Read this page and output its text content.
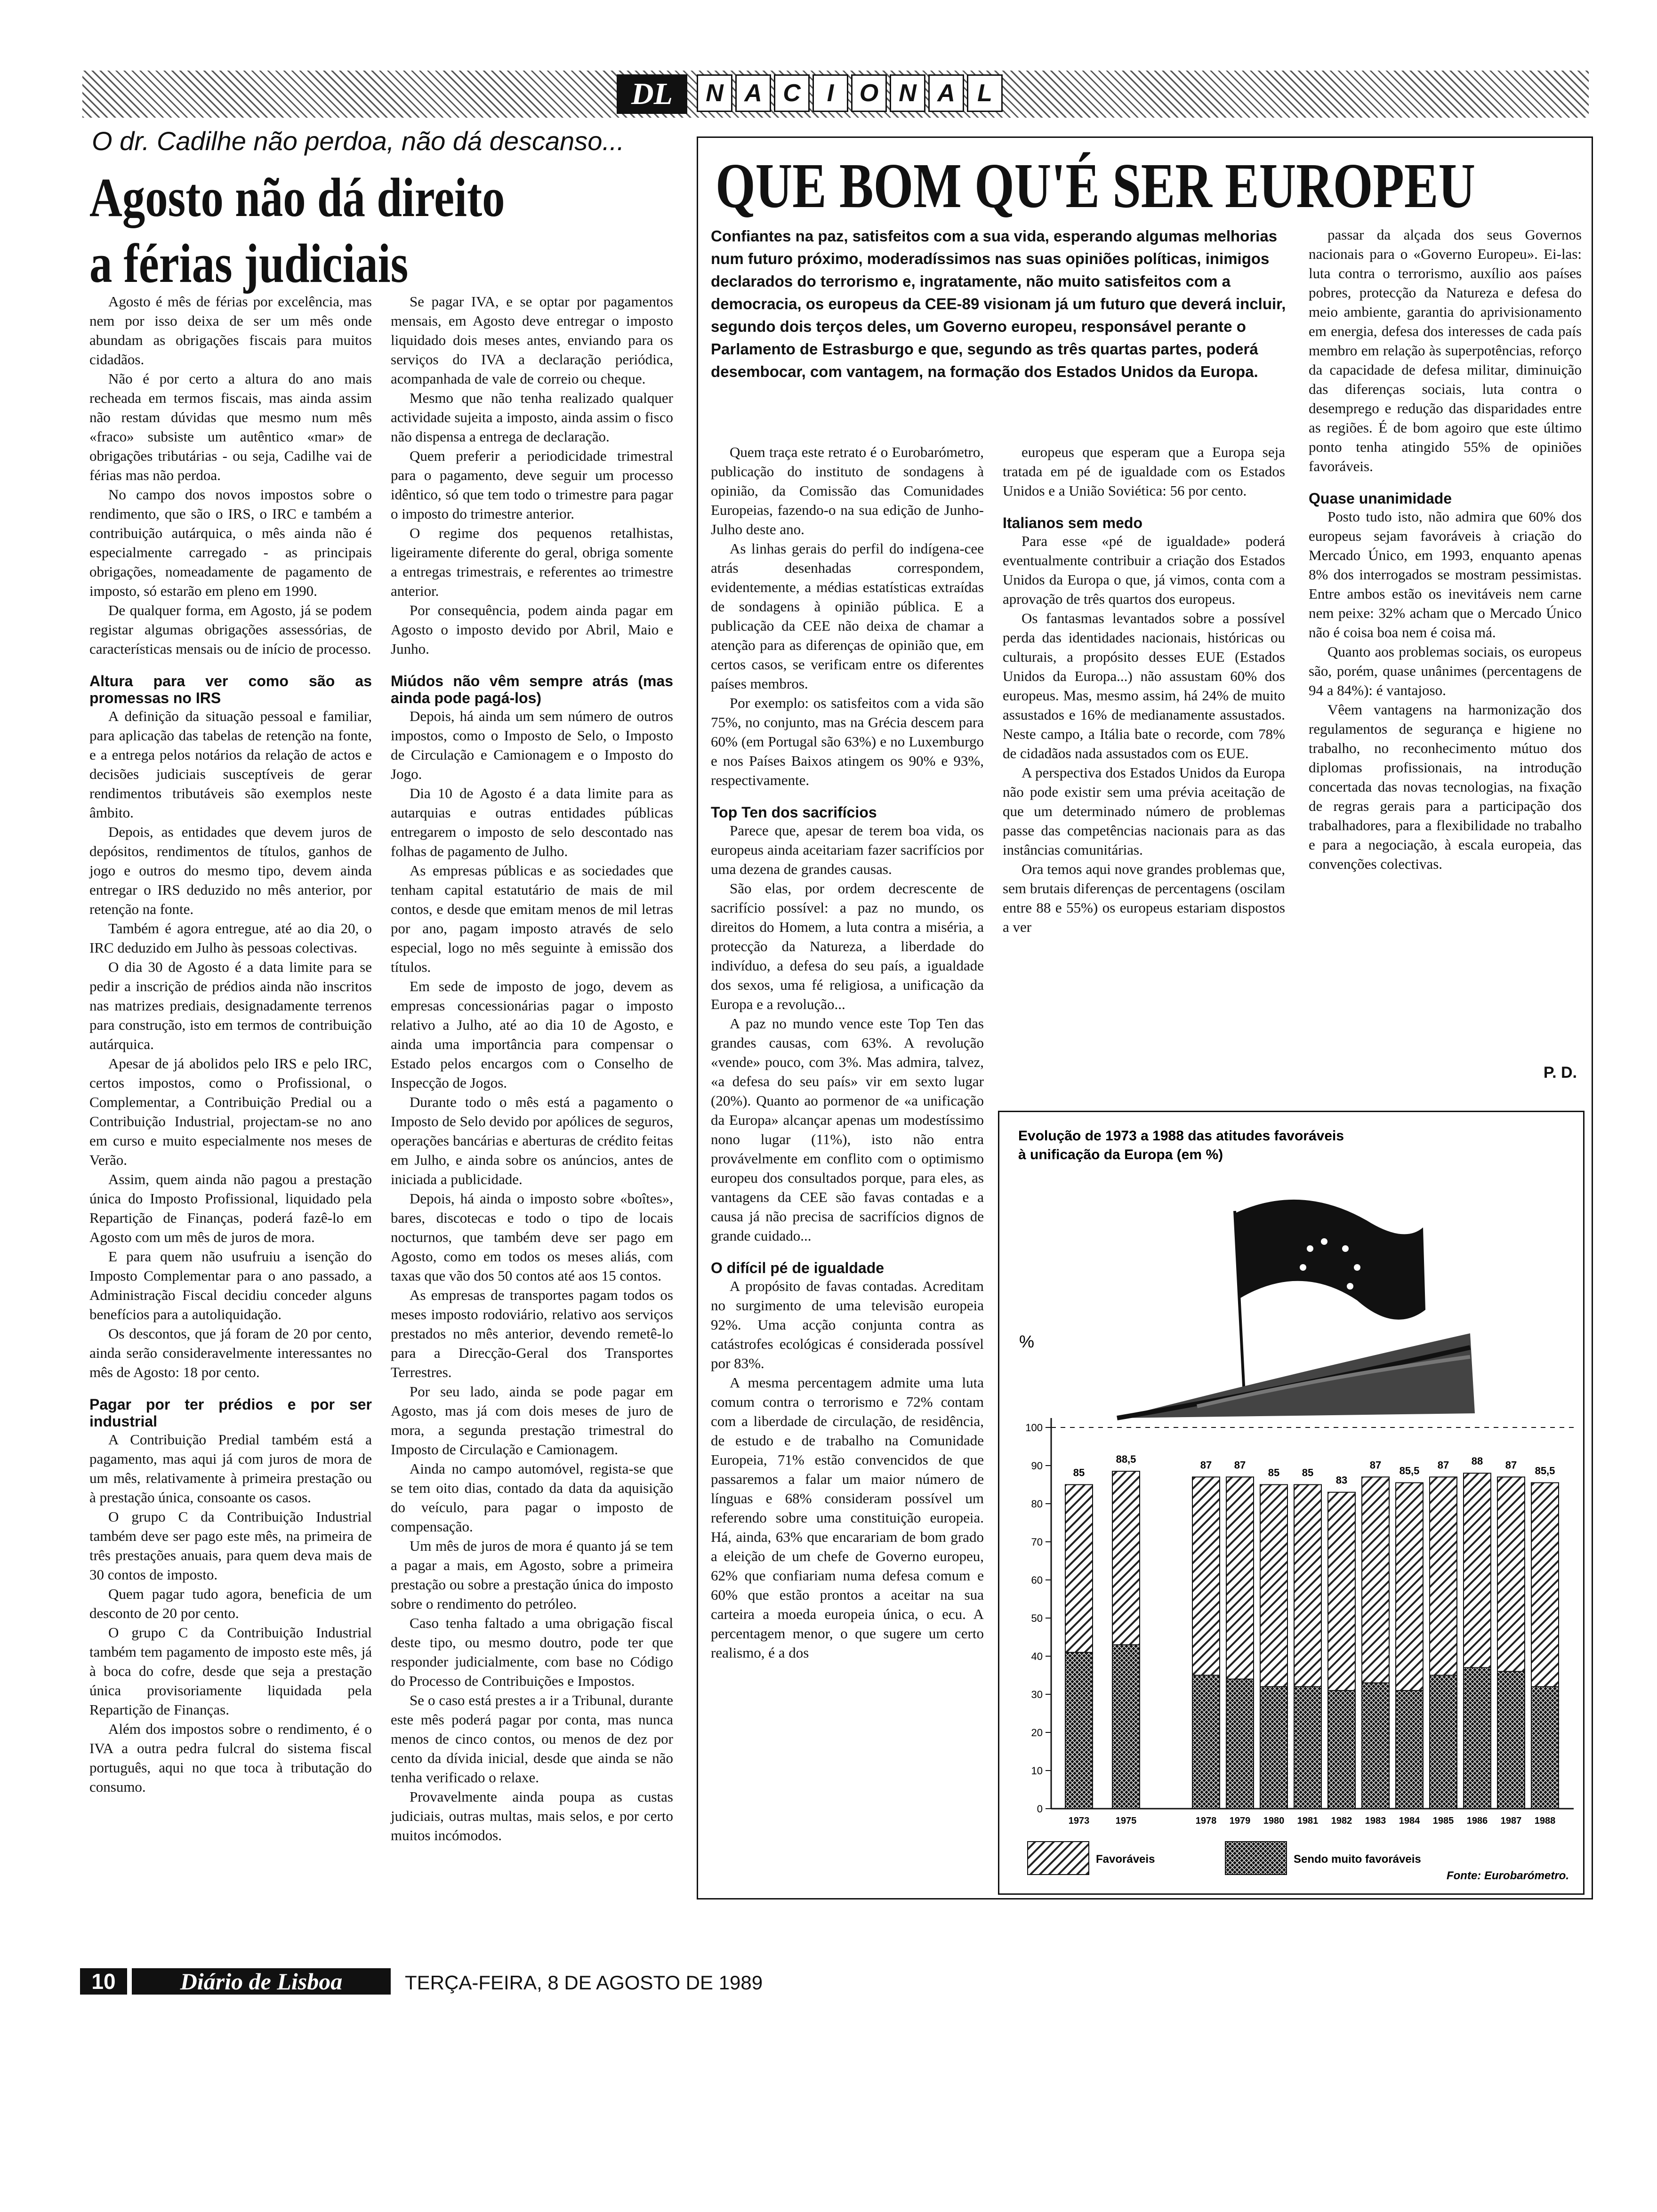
DL	N A C I O N A L
O dr. Cadilhe não perdoa, não dá descanso...
Agosto não dá direito
a férias judiciais

Agosto é mês de férias por excelência, mas nem por isso deixa de ser um mês onde abundam as obrigações fiscais para muitos cidadãos.

Não é por certo a altura do ano mais recheada em termos fiscais, mas ainda assim não restam dúvidas que mesmo num mês «fraco» subsiste um autêntico «mar» de obrigações tributárias - ou seja, Cadilhe vai de férias mas não perdoa.

No campo dos novos impostos sobre o rendimento, que são o IRS, o IRC e também a contribuição autárquica, o mês ainda não é especialmente carregado - as principais obrigações, nomeadamente de pagamento de imposto, só estarão em pleno em 1990.

De qualquer forma, em Agosto, já se podem registar algumas obrigações assessórias, de características mensais ou de início de processo.

Altura para ver como são as promessas no IRS

A definição da situação pessoal e familiar, para aplicação das tabelas de retenção na fonte, e a entrega pelos notários da relação de actos e decisões judiciais susceptíveis de gerar rendimentos tributáveis são exemplos neste âmbito.

Depois, as entidades que devem juros de depósitos, rendimentos de títulos, ganhos de jogo e outros do mesmo tipo, devem ainda entregar o IRS deduzido no mês anterior, por retenção na fonte.

Também é agora entregue, até ao dia 20, o IRC deduzido em Julho às pessoas colectivas.

O dia 30 de Agosto é a data limite para se pedir a inscrição de prédios ainda não inscritos nas matrizes prediais, designadamente terrenos para construção, isto em termos de contribuição autárquica.

Apesar de já abolidos pelo IRS e pelo IRC, certos impostos, como o Profissional, o Complementar, a Contribuição Predial ou a Contribuição Industrial, projectam-se no ano em curso e muito especialmente nos meses de Verão.

Assim, quem ainda não pagou a prestação única do Imposto Profissional, liquidado pela Repartição de Finanças, poderá fazê-lo em Agosto com um mês de juros de mora.

E para quem não usufruiu a isenção do Imposto Complementar para o ano passado, a Administração Fiscal decidiu conceder alguns benefícios para a autoliquidação.

Os descontos, que já foram de 20 por cento, ainda serão consideravelmente interessantes no mês de Agosto: 18 por cento.

Pagar por ter prédios e por ser industrial

A Contribuição Predial também está a pagamento, mas aqui já com juros de mora de um mês, relativamente à primeira prestação ou à prestação única, consoante os casos.

O grupo C da Contribuição Industrial também deve ser pago este mês, na primeira de três prestações anuais, para quem deva mais de 30 contos de imposto.

Quem pagar tudo agora, beneficia de um desconto de 20 por cento.

O grupo C da Contribuição Industrial também tem pagamento de imposto este mês, já à boca do cofre, desde que seja a prestação única provisoriamente liquidada pela Repartição de Finanças.

Além dos impostos sobre o rendimento, é o IVA a outra pedra fulcral do sistema fiscal português, aqui no que toca à tributação do consumo.

Se pagar IVA, e se optar por pagamentos mensais, em Agosto deve entregar o imposto liquidado dois meses antes, enviando para os serviços do IVA a declaração periódica, acompanhada de vale de correio ou cheque.

Mesmo que não tenha realizado qualquer actividade sujeita a imposto, ainda assim o fisco não dispensa a entrega de declaração.

Quem preferir a periodicidade trimestral para o pagamento, deve seguir um processo idêntico, só que tem todo o trimestre para pagar o imposto do trimestre anterior.

O regime dos pequenos retalhistas, ligeiramente diferente do geral, obriga somente a entregas trimestrais, e referentes ao trimestre anterior.

Por consequência, podem ainda pagar em Agosto o imposto devido por Abril, Maio e Junho.

Miúdos não vêm sempre atrás (mas ainda pode pagá-los)

Depois, há ainda um sem número de outros impostos, como o Imposto de Selo, o Imposto de Circulação e Camionagem e o Imposto do Jogo.

Dia 10 de Agosto é a data limite para as autarquias e outras entidades públicas entregarem o imposto de selo descontado nas folhas de pagamento de Julho.

As empresas públicas e as sociedades que tenham capital estatutário de mais de mil contos, e desde que emitam menos de mil letras por ano, pagam imposto através de selo especial, logo no mês seguinte à emissão dos títulos.

Em sede de imposto de jogo, devem as empresas concessionárias pagar o imposto relativo a Julho, até ao dia 10 de Agosto, e ainda uma importância para compensar o Estado pelos encargos com o Conselho de Inspecção de Jogos.

Durante todo o mês está a pagamento o Imposto de Selo devido por apólices de seguros, operações bancárias e aberturas de crédito feitas em Julho, e ainda sobre os anúncios, antes de iniciada a publicidade.

Depois, há ainda o imposto sobre «boîtes», bares, discotecas e todo o tipo de locais nocturnos, que também deve ser pago em Agosto, como em todos os meses aliás, com taxas que vão dos 50 contos até aos 15 contos.

As empresas de transportes pagam todos os meses imposto rodoviário, relativo aos serviços prestados no mês anterior, devendo remetê-lo para a Direcção-Geral dos Transportes Terrestres.

Por seu lado, ainda se pode pagar em Agosto, mas já com dois meses de juro de mora, a segunda prestação trimestral do Imposto de Circulação e Camionagem.

Ainda no campo automóvel, regista-se que se tem oito dias, contado da data da aquisição do veículo, para pagar o imposto de compensação.

Um mês de juros de mora é quanto já se tem a pagar a mais, em Agosto, sobre a primeira prestação ou sobre a prestação única do imposto sobre o rendimento do petróleo.

Caso tenha faltado a uma obrigação fiscal deste tipo, ou mesmo doutro, pode ter que responder judicialmente, com base no Código do Processo de Contribuições e Impostos.

Se o caso está prestes a ir a Tribunal, durante este mês poderá pagar por conta, mas nunca menos de cinco contos, ou menos de dez por cento da dívida inicial, desde que ainda se não tenha verificado o relaxe.

Provavelmente ainda poupa as custas judiciais, outras multas, mais selos, e por certo muitos incómodos.

QUE BOM QU'É SER EUROPEU
Confiantes na paz, satisfeitos com a sua vida, esperando algumas melhorias num futuro próximo, moderadíssimos nas suas opiniões políticas, inimigos declarados do terrorismo e, ingratamente, não muito satisfeitos com a democracia, os europeus da CEE-89 visionam já um futuro que deverá incluir, segundo dois terços deles, um Governo europeu, responsável perante o Parlamento de Estrasburgo e que, segundo as três quartas partes, poderá desembocar, com vantagem, na formação dos Estados Unidos da Europa.

Quem traça este retrato é o Eurobarómetro, publicação do instituto de sondagens à opinião, da Comissão das Comunidades Europeias, fazendo-o na sua edição de Junho-Julho deste ano.

As linhas gerais do perfil do indígena-cee atrás desenhadas correspondem, evidentemente, a médias estatísticas extraídas de sondagens à opinião pública. E a publicação da CEE não deixa de chamar a atenção para as diferenças de opinião que, em certos casos, se verificam entre os diferentes países membros.

Por exemplo: os satisfeitos com a vida são 75%, no conjunto, mas na Grécia descem para 60% (em Portugal são 63%) e no Luxemburgo e nos Países Baixos atingem os 90% e 93%, respectivamente.

Top Ten dos sacrifícios

Parece que, apesar de terem boa vida, os europeus ainda aceitariam fazer sacrifícios por uma dezena de grandes causas.

São elas, por ordem decrescente de sacrifício possível: a paz no mundo, os direitos do Homem, a luta contra a miséria, a protecção da Natureza, a liberdade do indivíduo, a defesa do seu país, a igualdade dos sexos, uma fé religiosa, a unificação da Europa e a revolução...

A paz no mundo vence este Top Ten das grandes causas, com 63%. A revolução «vende» pouco, com 3%. Mas admira, talvez, «a defesa do seu país» vir em sexto lugar (20%). Quanto ao pormenor de «a unificação da Europa» alcançar apenas um modestíssimo nono lugar (11%), isto não entra provávelmente em conflito com o optimismo europeu dos consultados porque, para eles, as vantagens da CEE são favas contadas e a causa já não precisa de sacrifícios dignos de grande cuidado...

O difícil pé de igualdade

A propósito de favas contadas. Acreditam no surgimento de uma televisão europeia 92%. Uma acção conjunta contra as catástrofes ecológicas é considerada possível por 83%.

A mesma percentagem admite uma luta comum contra o terrorismo e 72% contam com a liberdade de circulação, de residência, de estudo e de trabalho na Comunidade Europeia, 71% estão convencidos de que passaremos a falar um maior número de línguas e 68% consideram possível um referendo sobre uma constituição europeia. Há, ainda, 63% que encarariam de bom grado a eleição de um chefe de Governo europeu, 62% que confiariam numa defesa comum e 60% que estão prontos a aceitar na sua carteira a moeda europeia única, o ecu. A percentagem menor, o que sugere um certo realismo, é a dos

europeus que esperam que a Europa seja tratada em pé de igualdade com os Estados Unidos e a União Soviética: 56 por cento.

Italianos sem medo

Para esse «pé de igualdade» poderá eventualmente contribuir a criação dos Estados Unidos da Europa o que, já vimos, conta com a aprovação de três quartos dos europeus.

Os fantasmas levantados sobre a possível perda das identidades nacionais, históricas ou culturais, a propósito desses EUE (Estados Unidos da Europa...) não assustam 60% dos europeus. Mas, mesmo assim, há 24% de muito assustados e 16% de medianamente assustados. Neste campo, a Itália bate o recorde, com 78% de cidadãos nada assustados com os EUE.

A perspectiva dos Estados Unidos da Europa não pode existir sem uma prévia aceitação de que um determinado número de problemas passe das competências nacionais para as das instâncias comunitárias.

Ora temos aqui nove grandes problemas que, sem brutais diferenças de percentagens (oscilam entre 88 e 55%) os europeus estariam dispostos a ver

passar da alçada dos seus Governos nacionais para o «Governo Europeu». Ei-las: luta contra o terrorismo, auxílio aos países pobres, protecção da Natureza e defesa do meio ambiente, garantia do aprivisionamento em energia, defesa dos interesses de cada país membro em relação às superpotências, reforço da capacidade de defesa militar, diminuição das diferenças sociais, luta contra o desemprego e redução das disparidades entre as regiões. É de bom agoiro que este último ponto tenha atingido 55% de opiniões favoráveis.

Quase unanimidade

Posto tudo isto, não admira que 60% dos europeus sejam favoráveis à criação do Mercado Único, em 1993, enquanto apenas 8% dos interrogados se mostram pessimistas. Entre ambos estão os inevitáveis nem carne nem peixe: 32% acham que o Mercado Único não é coisa boa nem é coisa má.

Quanto aos problemas sociais, os europeus são, porém, quase unânimes (percentagens de 94 a 84%): é vantajoso.

Vêem vantagens na harmonização dos regulamentos de segurança e higiene no trabalho, no reconhecimento mútuo dos diplomas profissionais, na introdução concertada das novas tecnologias, na fixação de regras gerais para a participação dos trabalhadores, para a flexibilidade no trabalho e para a negociação, à escala europeia, das convenções colectivas.

P. D.
Evolução de 1973 a 1988 das atitudes favoráveis
à unificação da Europa (em %)
0
10
20
30
40
50
60
70
80
90
100
85
1973
88,5
1975
87
1978
87
1979
85
1980
85
1981
83
1982
87
1983
85,5
1984
87
1985
88
1986
87
1987
85,5
1988
%
Favoráveis	Sendo muito favoráveis
Fonte: Eurobarómetro.
10	Diário de Lisboa	TERÇA-FEIRA, 8 DE AGOSTO DE 1989
